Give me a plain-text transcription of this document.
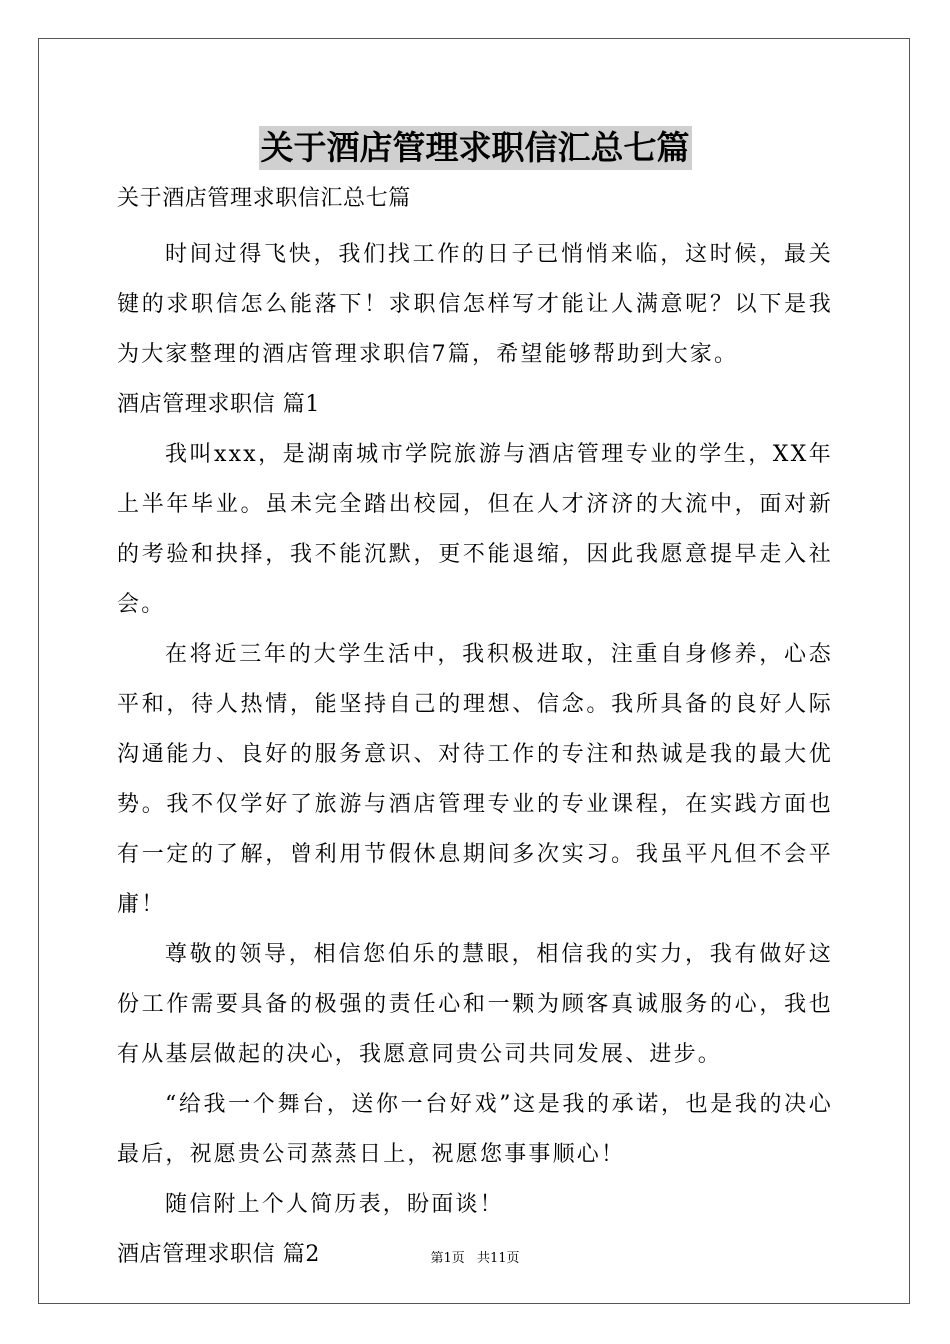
关于酒店管理求职信汇总七篇
关于酒店管理求职信汇总七篇

时间过得飞快，我们找工作的日子已悄悄来临，这时候，最关键的求职信怎么能落下！求职信怎样写才能让人满意呢？以下是我为大家整理的酒店管理求职信7篇，希望能够帮助到大家。

酒店管理求职信 篇1

我叫xxx，是湖南城市学院旅游与酒店管理专业的学生，XX年上半年毕业。虽未完全踏出校园，但在人才济济的大流中，面对新的考验和抉择，我不能沉默，更不能退缩，因此我愿意提早走入社会。

在将近三年的大学生活中，我积极进取，注重自身修养，心态平和，待人热情，能坚持自己的理想、信念。我所具备的良好人际沟通能力、良好的服务意识、对待工作的专注和热诚是我的最大优势。我不仅学好了旅游与酒店管理专业的专业课程，在实践方面也有一定的了解，曾利用节假休息期间多次实习。我虽平凡但不会平庸！

尊敬的领导，相信您伯乐的慧眼，相信我的实力，我有做好这份工作需要具备的极强的责任心和一颗为顾客真诚服务的心，我也有从基层做起的决心，我愿意同贵公司共同发展、进步。

“给我一个舞台，送你一台好戏”这是我的承诺，也是我的决心最后，祝愿贵公司蒸蒸日上，祝愿您事事顺心！

随信附上个人简历表，盼面谈！

酒店管理求职信 篇2	第1页 共11页
